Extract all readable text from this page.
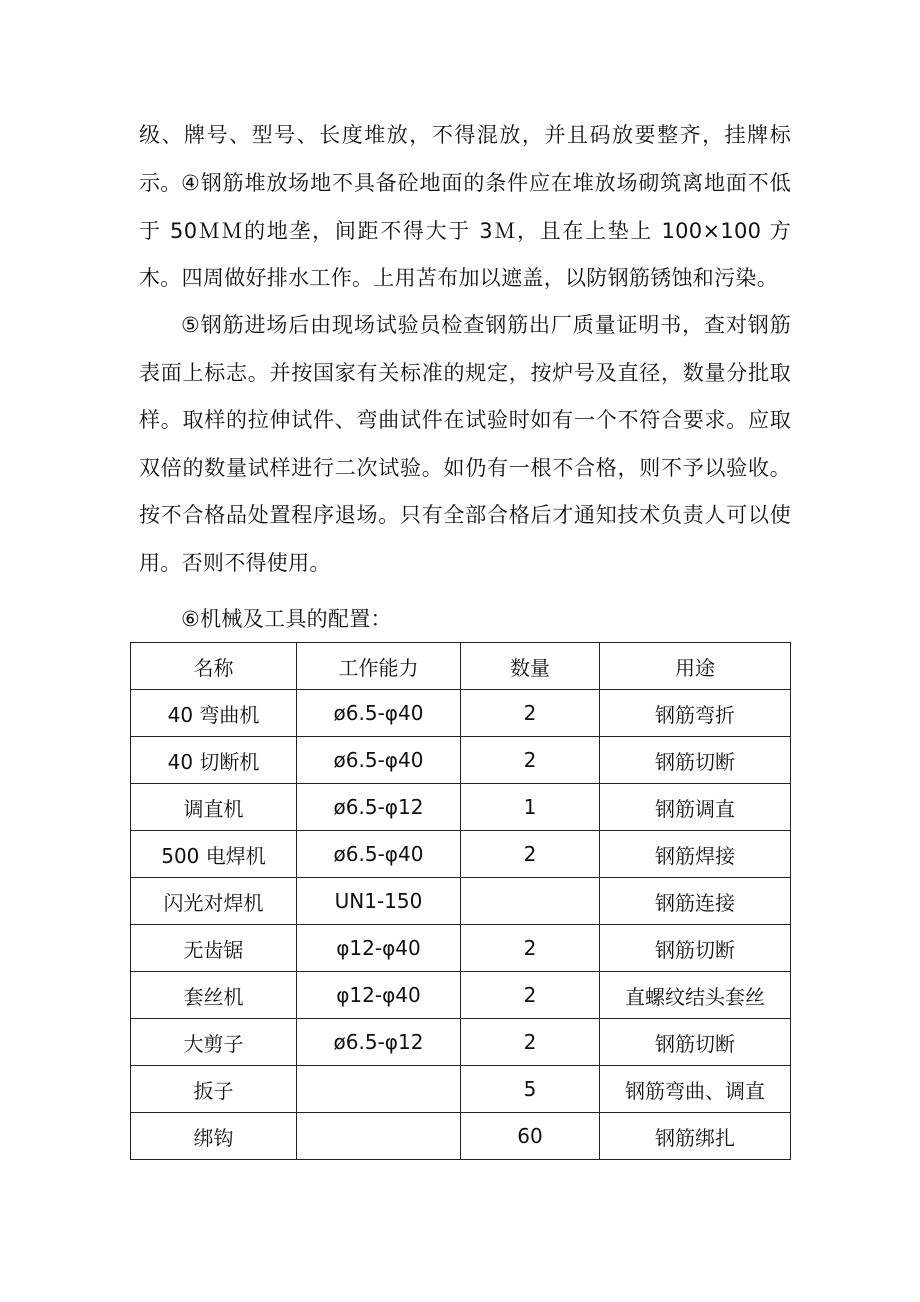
级、牌号、型号、长度堆放，不得混放，并且码放要整齐，挂牌标示。 ④钢筋堆放场地不具备砼地面的条件应在堆放场砌筑离地面不低于 50ＭＭ的地垄，间距不得大于 3Ｍ，且在上垫上 100×100 方木。四周做好排水工作。上用苫布加以遮盖，以防钢筋锈蚀和污染。

⑤钢筋进场后由现场试验员检查钢筋出厂质量证明书，查对钢筋表面上标志。并按国家有关标准的规定，按炉号及直径，数量分批取样。取样的拉伸试件、弯曲试件在试验时如有一个不符合要求。应取双倍的数量试样进行二次试验。如仍有一根不合格，则不予以验收。按不合格品处置程序退场。只有全部合格后才通知技术负责人可以使用。否则不得使用。

⑥机械及工具的配置：

名称	工作能力	数量	用途
40 弯曲机	ø6.5-φ40	2	钢筋弯折
40 切断机	ø6.5-φ40	2	钢筋切断
调直机	ø6.5-φ12	1	钢筋调直
500 电焊机	ø6.5-φ40	2	钢筋焊接
闪光对焊机	UN1-150		钢筋连接
无齿锯	φ12-φ40	2	钢筋切断
套丝机	φ12-φ40	2	直螺纹结头套丝
大剪子	ø6.5-φ12	2	钢筋切断
扳子		5	钢筋弯曲、调直
绑钩		60	钢筋绑扎
